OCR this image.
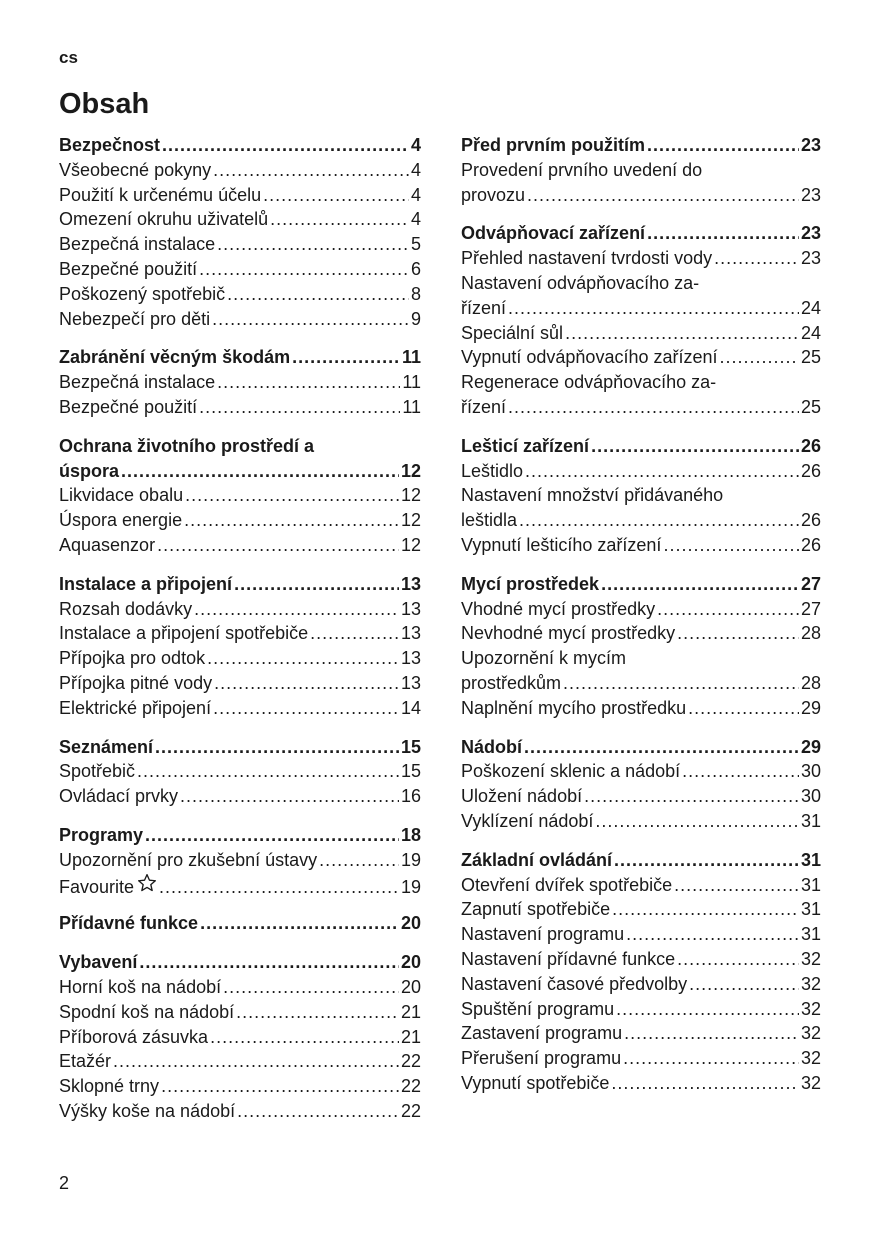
cs
Obsah
Bezpečnost .....	4
Všeobecné pokyny .....	4
Použití k určenému účelu .....	4
Omezení okruhu uživatelů .....	4
Bezpečná instalace .....	5
Bezpečné použití .....	6
Poškozený spotřebič .....	8
Nebezpečí pro děti .....	9
Zabránění věcným škodám .....	11
Bezpečná instalace .....	11
Bezpečné použití .....	11
Ochrana životního prostředí a
úspora .....	12
Likvidace obalu .....	12
Úspora energie .....	12
Aquasenzor .....	12
Instalace a připojení .....	13
Rozsah dodávky .....	13
Instalace a připojení spotřebiče .....	13
Přípojka pro odtok .....	13
Přípojka pitné vody .....	13
Elektrické připojení .....	14
Seznámení .....	15
Spotřebič .....	15
Ovládací prvky .....	16
Programy .....	18
Upozornění pro zkušební ústavy .....	19
Favourite .....	19
Přídavné funkce .....	20
Vybavení .....	20
Horní koš na nádobí .....	20
Spodní koš na nádobí .....	21
Příborová zásuvka .....	21
Etažér .....	22
Sklopné trny .....	22
Výšky koše na nádobí .....	22
Před prvním použitím .....	23
Provedení prvního uvedení do
provozu .....	23
Odvápňovací zařízení .....	23
Přehled nastavení tvrdosti vody .....	23
Nastavení odvápňovacího za-
řízení .....	24
Speciální sůl .....	24
Vypnutí odvápňovacího zařízení .....	25
Regenerace odvápňovacího za-
řízení .....	25
Lešticí zařízení .....	26
Leštidlo .....	26
Nastavení množství přidávaného
leštidla .....	26
Vypnutí lešticího zařízení .....	26
Mycí prostředek .....	27
Vhodné mycí prostředky .....	27
Nevhodné mycí prostředky .....	28
Upozornění k mycím
prostředkům .....	28
Naplnění mycího prostředku .....	29
Nádobí .....	29
Poškození sklenic a nádobí .....	30
Uložení nádobí .....	30
Vyklízení nádobí .....	31
Základní ovládání .....	31
Otevření dvířek spotřebiče .....	31
Zapnutí spotřebiče .....	31
Nastavení programu .....	31
Nastavení přídavné funkce .....	32
Nastavení časové předvolby .....	32
Spuštění programu .....	32
Zastavení programu .....	32
Přerušení programu .....	32
Vypnutí spotřebiče .....	32
2
